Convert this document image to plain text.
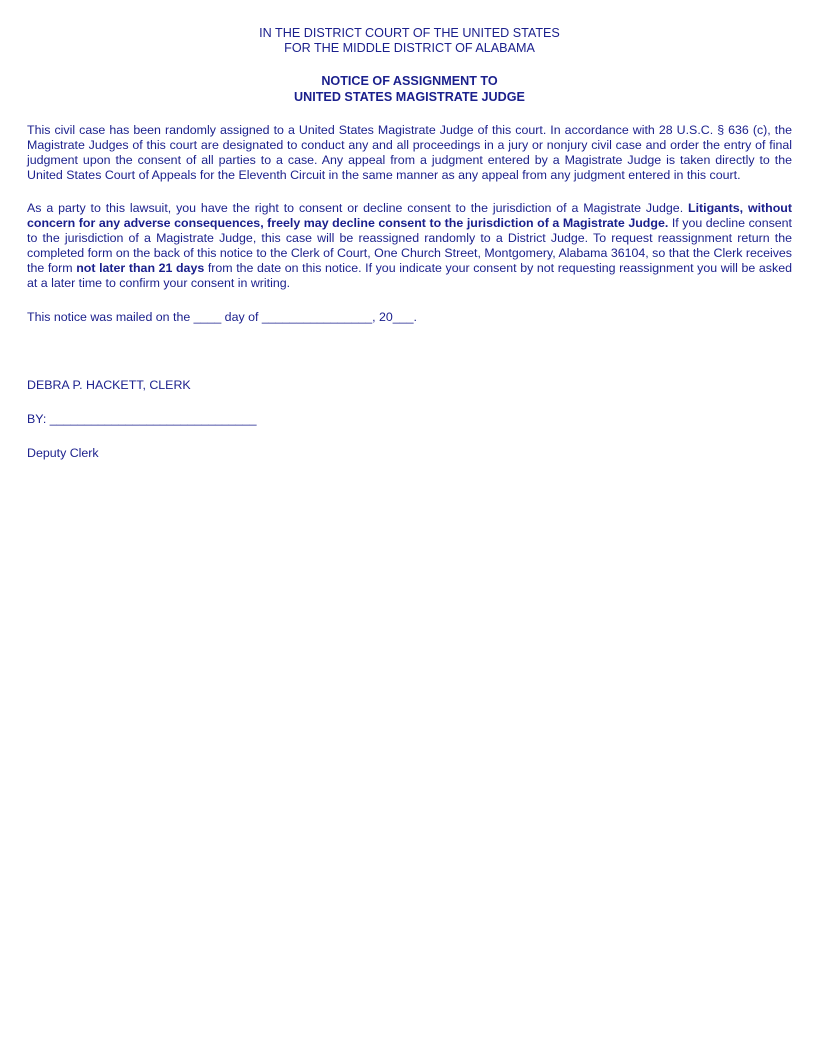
IN THE DISTRICT COURT OF THE UNITED STATES
FOR THE MIDDLE DISTRICT OF ALABAMA
NOTICE OF ASSIGNMENT TO
UNITED STATES MAGISTRATE JUDGE

This civil case has been randomly assigned to a United States Magistrate Judge of this court. In accordance with 28 U.S.C. § 636 (c), the Magistrate Judges of this court are designated to conduct any and all proceedings in a jury or nonjury civil case and order the entry of final judgment upon the consent of all parties to a case. Any appeal from a judgment entered by a Magistrate Judge is taken directly to the United States Court of Appeals for the Eleventh Circuit in the same manner as any appeal from any judgment entered in this court.

As a party to this lawsuit, you have the right to consent or decline consent to the jurisdiction of a Magistrate Judge. Litigants, without concern for any adverse consequences, freely may decline consent to the jurisdiction of a Magistrate Judge. If you decline consent to the jurisdiction of a Magistrate Judge, this case will be reassigned randomly to a District Judge. To request reassignment return the completed form on the back of this notice to the Clerk of Court, One Church Street, Montgomery, Alabama 36104, so that the Clerk receives the form not later than 21 days from the date on this notice. If you indicate your consent by not requesting reassignment you will be asked at a later time to confirm your consent in writing.

This notice was mailed on the ____ day of ________________, 20___.
DEBRA P. HACKETT, CLERK
BY: ______________________________
Deputy Clerk
